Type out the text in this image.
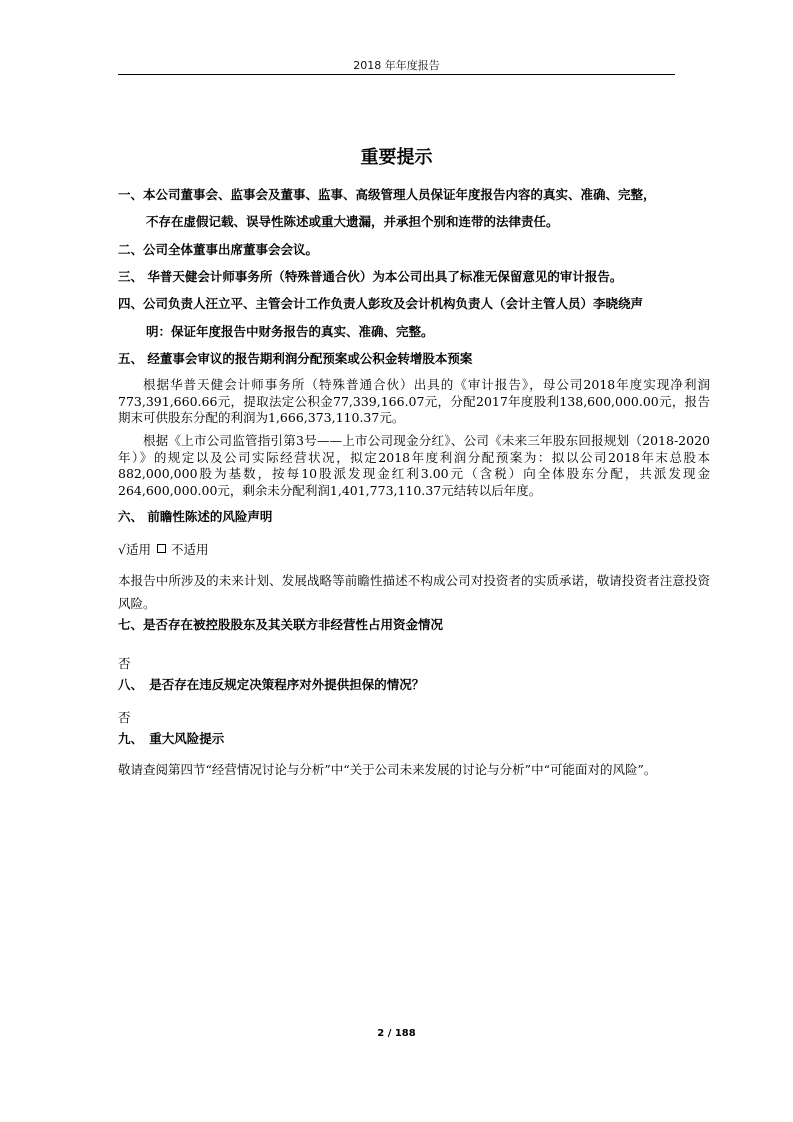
2018 年年度报告
重要提示
一、本公司董事会、监事会及董事、监事、高级管理人员保证年度报告内容的真实、准确、完整，
不存在虚假记载、误导性陈述或重大遗漏，并承担个别和连带的法律责任。
二、公司全体董事出席董事会会议。
三、 华普天健会计师事务所（特殊普通合伙）为本公司出具了标准无保留意见的审计报告。
四、公司负责人汪立平、主管会计工作负责人彭玫及会计机构负责人（会计主管人员）李晓绕声
明：保证年度报告中财务报告的真实、准确、完整。
五、 经董事会审议的报告期利润分配预案或公积金转增股本预案
根据华普天健会计师事务所（特殊普通合伙）出具的《审计报告》，母公司2018年度实现净利润773,391,660.66元，提取法定公积金77,339,166.07元，分配2017年度股利138,600,000.00元，报告期末可供股东分配的利润为1,666,373,110.37元。
根据《上市公司监管指引第3号——上市公司现金分红》、公司《未来三年股东回报规划（2018-2020年）》的规定以及公司实际经营状况，拟定2018年度利润分配预案为：拟以公司2018年末总股本882,000,000股为基数，按每10股派发现金红利3.00元（含税）向全体股东分配，共派发现金264,600,000.00元，剩余未分配利润1,401,773,110.37元结转以后年度。
六、 前瞻性陈述的风险声明
√适用 不适用
本报告中所涉及的未来计划、发展战略等前瞻性描述不构成公司对投资者的实质承诺，敬请投资者注意投资风险。
七、是否存在被控股股东及其关联方非经营性占用资金情况
否
八、　是否存在违反规定决策程序对外提供担保的情况？
否
九、　重大风险提示
敬请查阅第四节“经营情况讨论与分析”中“关于公司未来发展的讨论与分析”中“可能面对的风险”。
2 / 188
